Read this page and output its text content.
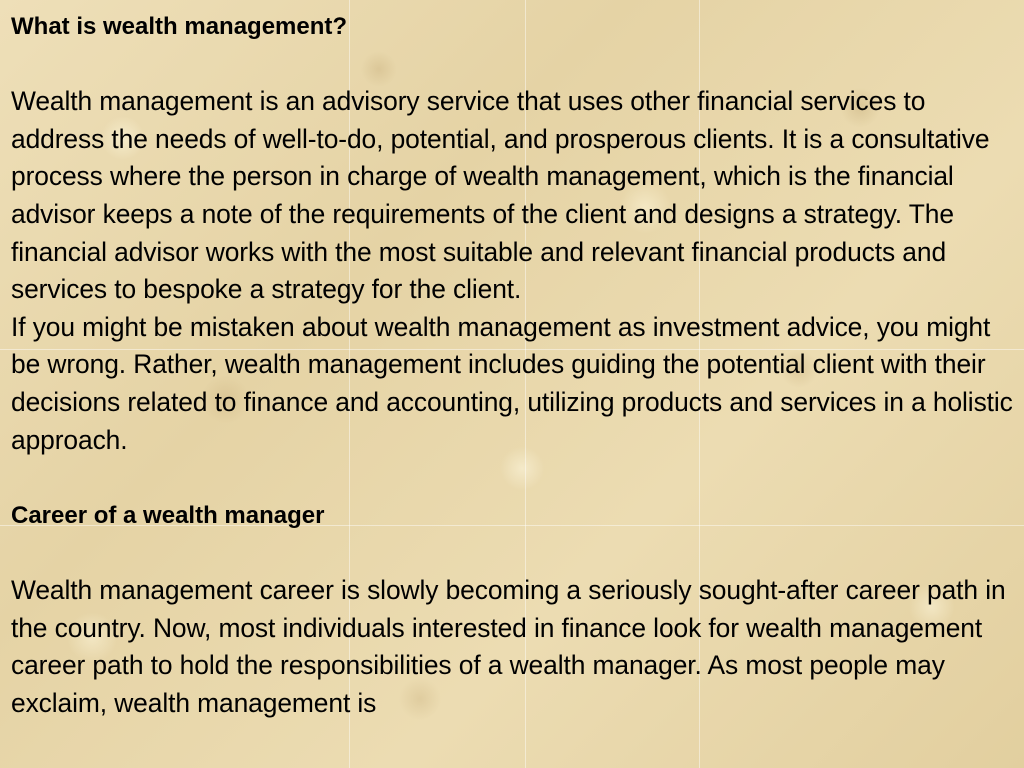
What is wealth management?

Wealth management is an advisory service that uses other financial services to address the needs of well-to-do, potential, and prosperous clients. It is a consultative process where the person in charge of wealth management, which is the financial advisor keeps a note of the requirements of the client and designs a strategy. The financial advisor works with the most suitable and relevant financial products and services to bespoke a strategy for the client.

If you might be mistaken about wealth management as investment advice, you might be wrong. Rather, wealth management includes guiding the potential client with their decisions related to finance and accounting, utilizing products and services in a holistic approach.

Career of a wealth manager

Wealth management career is slowly becoming a seriously sought-after career path in the country. Now, most individuals interested in finance look for wealth management career path to hold the responsibilities of a wealth manager. As most people may exclaim, wealth management is
